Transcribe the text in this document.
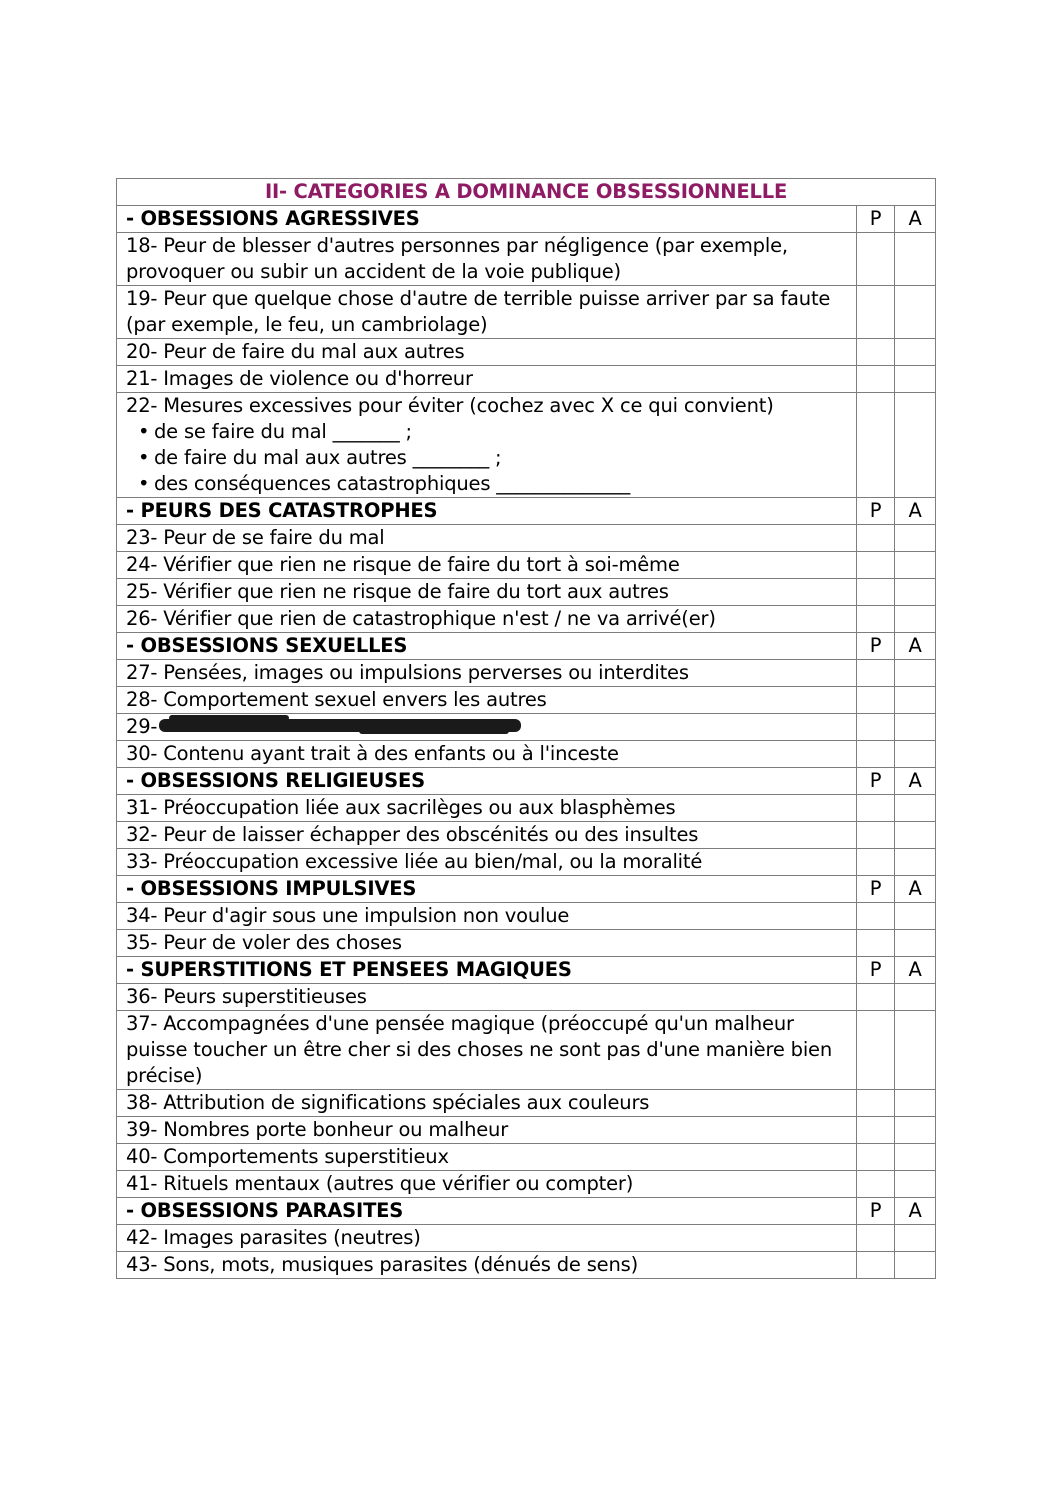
II- CATEGORIES A DOMINANCE OBSESSIONNELLE		
- OBSESSIONS AGRESSIVES	P	A
18- Peur de blesser d'autres personnes par négligence (par exemple, provoquer ou subir un accident de la voie publique)		
19- Peur que quelque chose d'autre de terrible puisse arriver par sa faute (par exemple, le feu, un cambriolage)		
20- Peur de faire du mal aux autres		
21- Images de violence ou d'horreur		

22- Mesures excessives pour éviter (cochez avec X ce qui convient)
• de se faire du mal _______ ;
• de faire du mal aux autres ________ ;
• des conséquences catastrophiques ______________		

- PEURS DES CATASTROPHES	P	A
23- Peur de se faire du mal		
24- Vérifier que rien ne risque de faire du tort à soi-même		
25- Vérifier que rien ne risque de faire du tort aux autres		
26- Vérifier que rien de catastrophique n'est / ne va arrivé(er)		
- OBSESSIONS SEXUELLES	P	A
27- Pensées, images ou impulsions perverses ou interdites		
28- Comportement sexuel envers les autres		
29-		
30- Contenu ayant trait à des enfants ou à l'inceste		
- OBSESSIONS RELIGIEUSES	P	A
31- Préoccupation liée aux sacrilèges ou aux blasphèmes		
32- Peur de laisser échapper des obscénités ou des insultes		
33- Préoccupation excessive liée au bien/mal, ou la moralité		
- OBSESSIONS IMPULSIVES	P	A
34- Peur d'agir sous une impulsion non voulue		
35- Peur de voler des choses		
- SUPERSTITIONS ET PENSEES MAGIQUES	P	A
36- Peurs superstitieuses		
37- Accompagnées d'une pensée magique (préoccupé qu'un malheur puisse toucher un être cher si des choses ne sont pas d'une manière bien précise)		
38- Attribution de significations spéciales aux couleurs		
39- Nombres porte bonheur ou malheur		
40- Comportements superstitieux		
41- Rituels mentaux (autres que vérifier ou compter)		
- OBSESSIONS PARASITES	P	A
42- Images parasites (neutres)		
43- Sons, mots, musiques parasites (dénués de sens)		
